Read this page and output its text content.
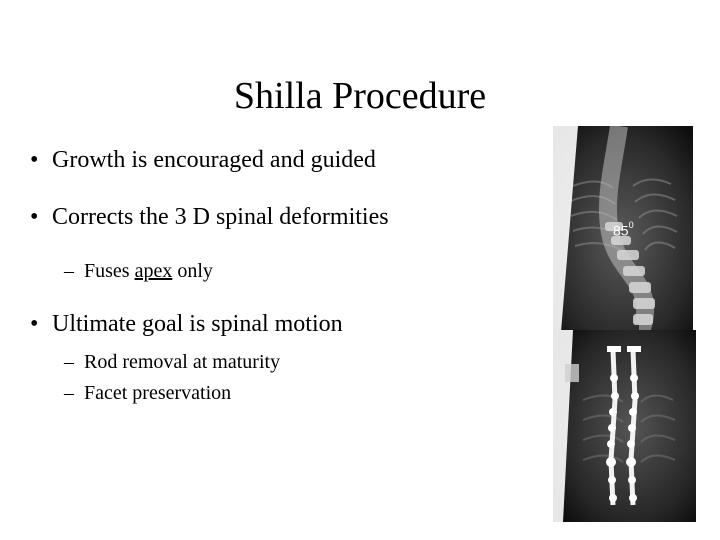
Shilla Procedure
• Growth is encouraged and guided
• Corrects the 3 D spinal deformities
– Fuses apex only
• Ultimate goal is spinal motion
– Rod removal at maturity
– Facet preservation
$85^0$
